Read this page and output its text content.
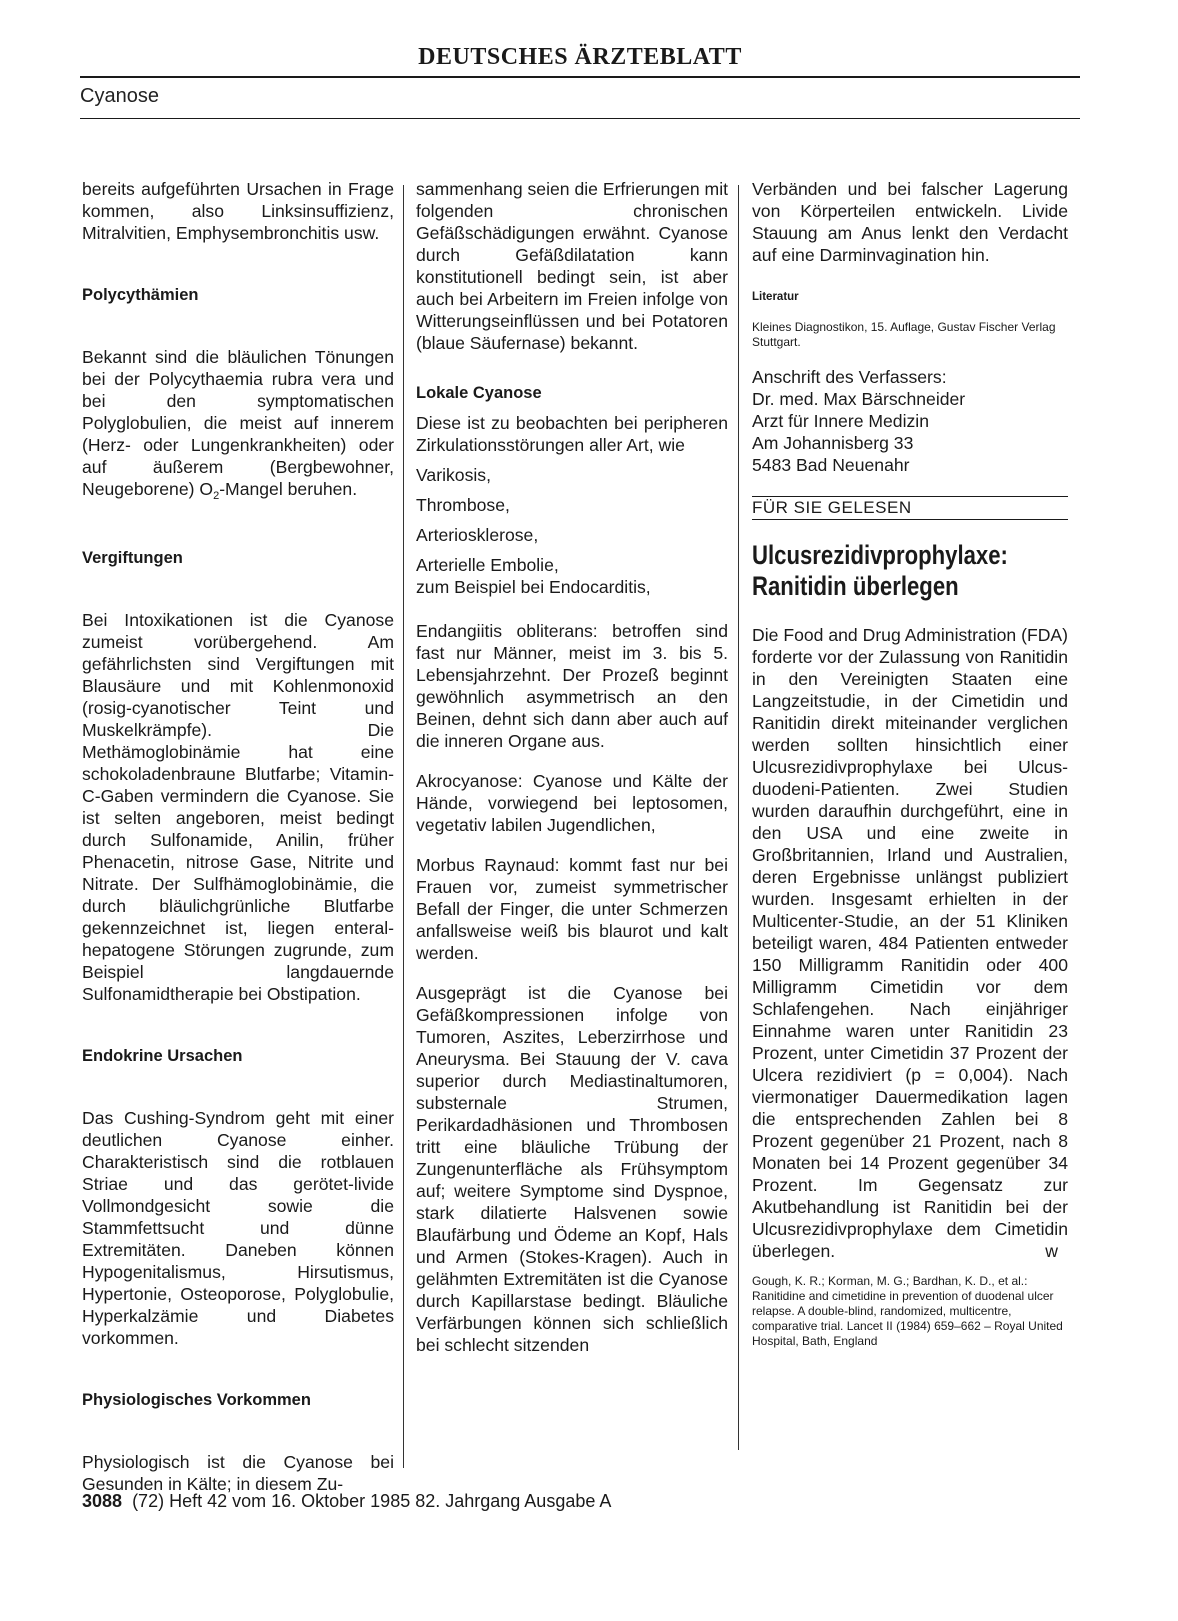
DEUTSCHES ÄRZTEBLATT
Cyanose

bereits aufgeführten Ursachen in Frage kommen, also Linksinsuffizienz, Mitralvitien, Emphysembronchitis usw.

Polycythämien

Bekannt sind die bläulichen Tönungen bei der Polycythaemia rubra vera und bei den symptomatischen Polyglobulien, die meist auf innerem (Herz- oder Lungenkrankheiten) oder auf äußerem (Bergbewohner, Neugeborene) $O_2$-Mangel beruhen.

Vergiftungen

Bei Intoxikationen ist die Cyanose zumeist vorübergehend. Am gefährlichsten sind Vergiftungen mit Blausäure und mit Kohlenmonoxid (rosig-cyanotischer Teint und Muskelkrämpfe). Die Methämoglobinämie hat eine schokoladenbraune Blutfarbe; Vitamin-C-Gaben vermindern die Cyanose. Sie ist selten angeboren, meist bedingt durch Sulfonamide, Anilin, früher Phenacetin, nitrose Gase, Nitrite und Nitrate. Der Sulfhämoglobinämie, die durch bläulichgrünliche Blutfarbe gekennzeichnet ist, liegen enteral-hepatogene Störungen zugrunde, zum Beispiel langdauernde Sulfonamidtherapie bei Obstipation.

Endokrine Ursachen

Das Cushing-Syndrom geht mit einer deutlichen Cyanose einher. Charakteristisch sind die rotblauen Striae und das gerötet-livide Vollmondgesicht sowie die Stammfettsucht und dünne Extremitäten. Daneben können Hypogenitalismus, Hirsutismus, Hypertonie, Osteoporose, Polyglobulie, Hyperkalzämie und Diabetes vorkommen.

Physiologisches Vorkommen

Physiologisch ist die Cyanose bei Gesunden in Kälte; in diesem Zu-

sammenhang seien die Erfrierungen mit folgenden chronischen Gefäßschädigungen erwähnt. Cyanose durch Gefäßdilatation kann konstitutionell bedingt sein, ist aber auch bei Arbeitern im Freien infolge von Witterungseinflüssen und bei Potatoren (blaue Säufernase) bekannt.

Lokale Cyanose

Diese ist zu beobachten bei peripheren Zirkulationsstörungen aller Art, wie

Varikosis,

Thrombose,

Arteriosklerose,

Arterielle Embolie,

zum Beispiel bei Endocarditis,

Endangiitis obliterans: betroffen sind fast nur Männer, meist im 3. bis 5. Lebensjahrzehnt. Der Prozeß beginnt gewöhnlich asymmetrisch an den Beinen, dehnt sich dann aber auch auf die inneren Organe aus.

Akrocyanose: Cyanose und Kälte der Hände, vorwiegend bei leptosomen, vegetativ labilen Jugendlichen,

Morbus Raynaud: kommt fast nur bei Frauen vor, zumeist symmetrischer Befall der Finger, die unter Schmerzen anfallsweise weiß bis blaurot und kalt werden.

Ausgeprägt ist die Cyanose bei Gefäßkompressionen infolge von Tumoren, Aszites, Leberzirrhose und Aneurysma. Bei Stauung der V. cava superior durch Mediastinaltumoren, substernale Strumen, Perikardadhäsionen und Thrombosen tritt eine bläuliche Trübung der Zungenunterfläche als Frühsymptom auf; weitere Symptome sind Dyspnoe, stark dilatierte Halsvenen sowie Blaufärbung und Ödeme an Kopf, Hals und Armen (Stokes-Kragen). Auch in gelähmten Extremitäten ist die Cyanose durch Kapillarstase bedingt. Bläuliche Verfärbungen können sich schließlich bei schlecht sitzenden

Verbänden und bei falscher Lagerung von Körperteilen entwickeln. Livide Stauung am Anus lenkt den Verdacht auf eine Darminvagination hin.

Literatur

Kleines Diagnostikon, 15. Auflage, Gustav Fischer Verlag Stuttgart.

Anschrift des Verfassers:

Dr. med. Max Bärschneider

Arzt für Innere Medizin

Am Johannisberg 33

5483 Bad Neuenahr

FÜR SIE GELESEN

Ulcusrezidivprophylaxe:
Ranitidin überlegen

Die Food and Drug Administration (FDA) forderte vor der Zulassung von Ranitidin in den Vereinigten Staaten eine Langzeitstudie, in der Cimetidin und Ranitidin direkt miteinander verglichen werden sollten hinsichtlich einer Ulcusrezidivprophylaxe bei Ulcus-duodeni-Patienten. Zwei Studien wurden daraufhin durchgeführt, eine in den USA und eine zweite in Großbritannien, Irland und Australien, deren Ergebnisse unlängst publiziert wurden. Insgesamt erhielten in der Multicenter-Studie, an der 51 Kliniken beteiligt waren, 484 Patienten entweder 150 Milligramm Ranitidin oder 400 Milligramm Cimetidin vor dem Schlafengehen. Nach einjähriger Einnahme waren unter Ranitidin 23 Prozent, unter Cimetidin 37 Prozent der Ulcera rezidiviert (p = 0,004). Nach viermonatiger Dauermedikation lagen die entsprechenden Zahlen bei 8 Prozent gegenüber 21 Prozent, nach 8 Monaten bei 14 Prozent gegenüber 34 Prozent. Im Gegensatz zur Akutbehandlung ist Ranitidin bei der Ulcusrezidivprophylaxe dem Cimetidin überlegen.	w

Gough, K. R.; Korman, M. G.; Bardhan, K. D., et al.: Ranitidine and cimetidine in prevention of duodenal ulcer relapse. A double-blind, randomized, multicentre, comparative trial. Lancet II (1984) 659–662 – Royal United Hospital, Bath, England

3088 (72) Heft 42 vom 16. Oktober 1985 82. Jahrgang Ausgabe A
